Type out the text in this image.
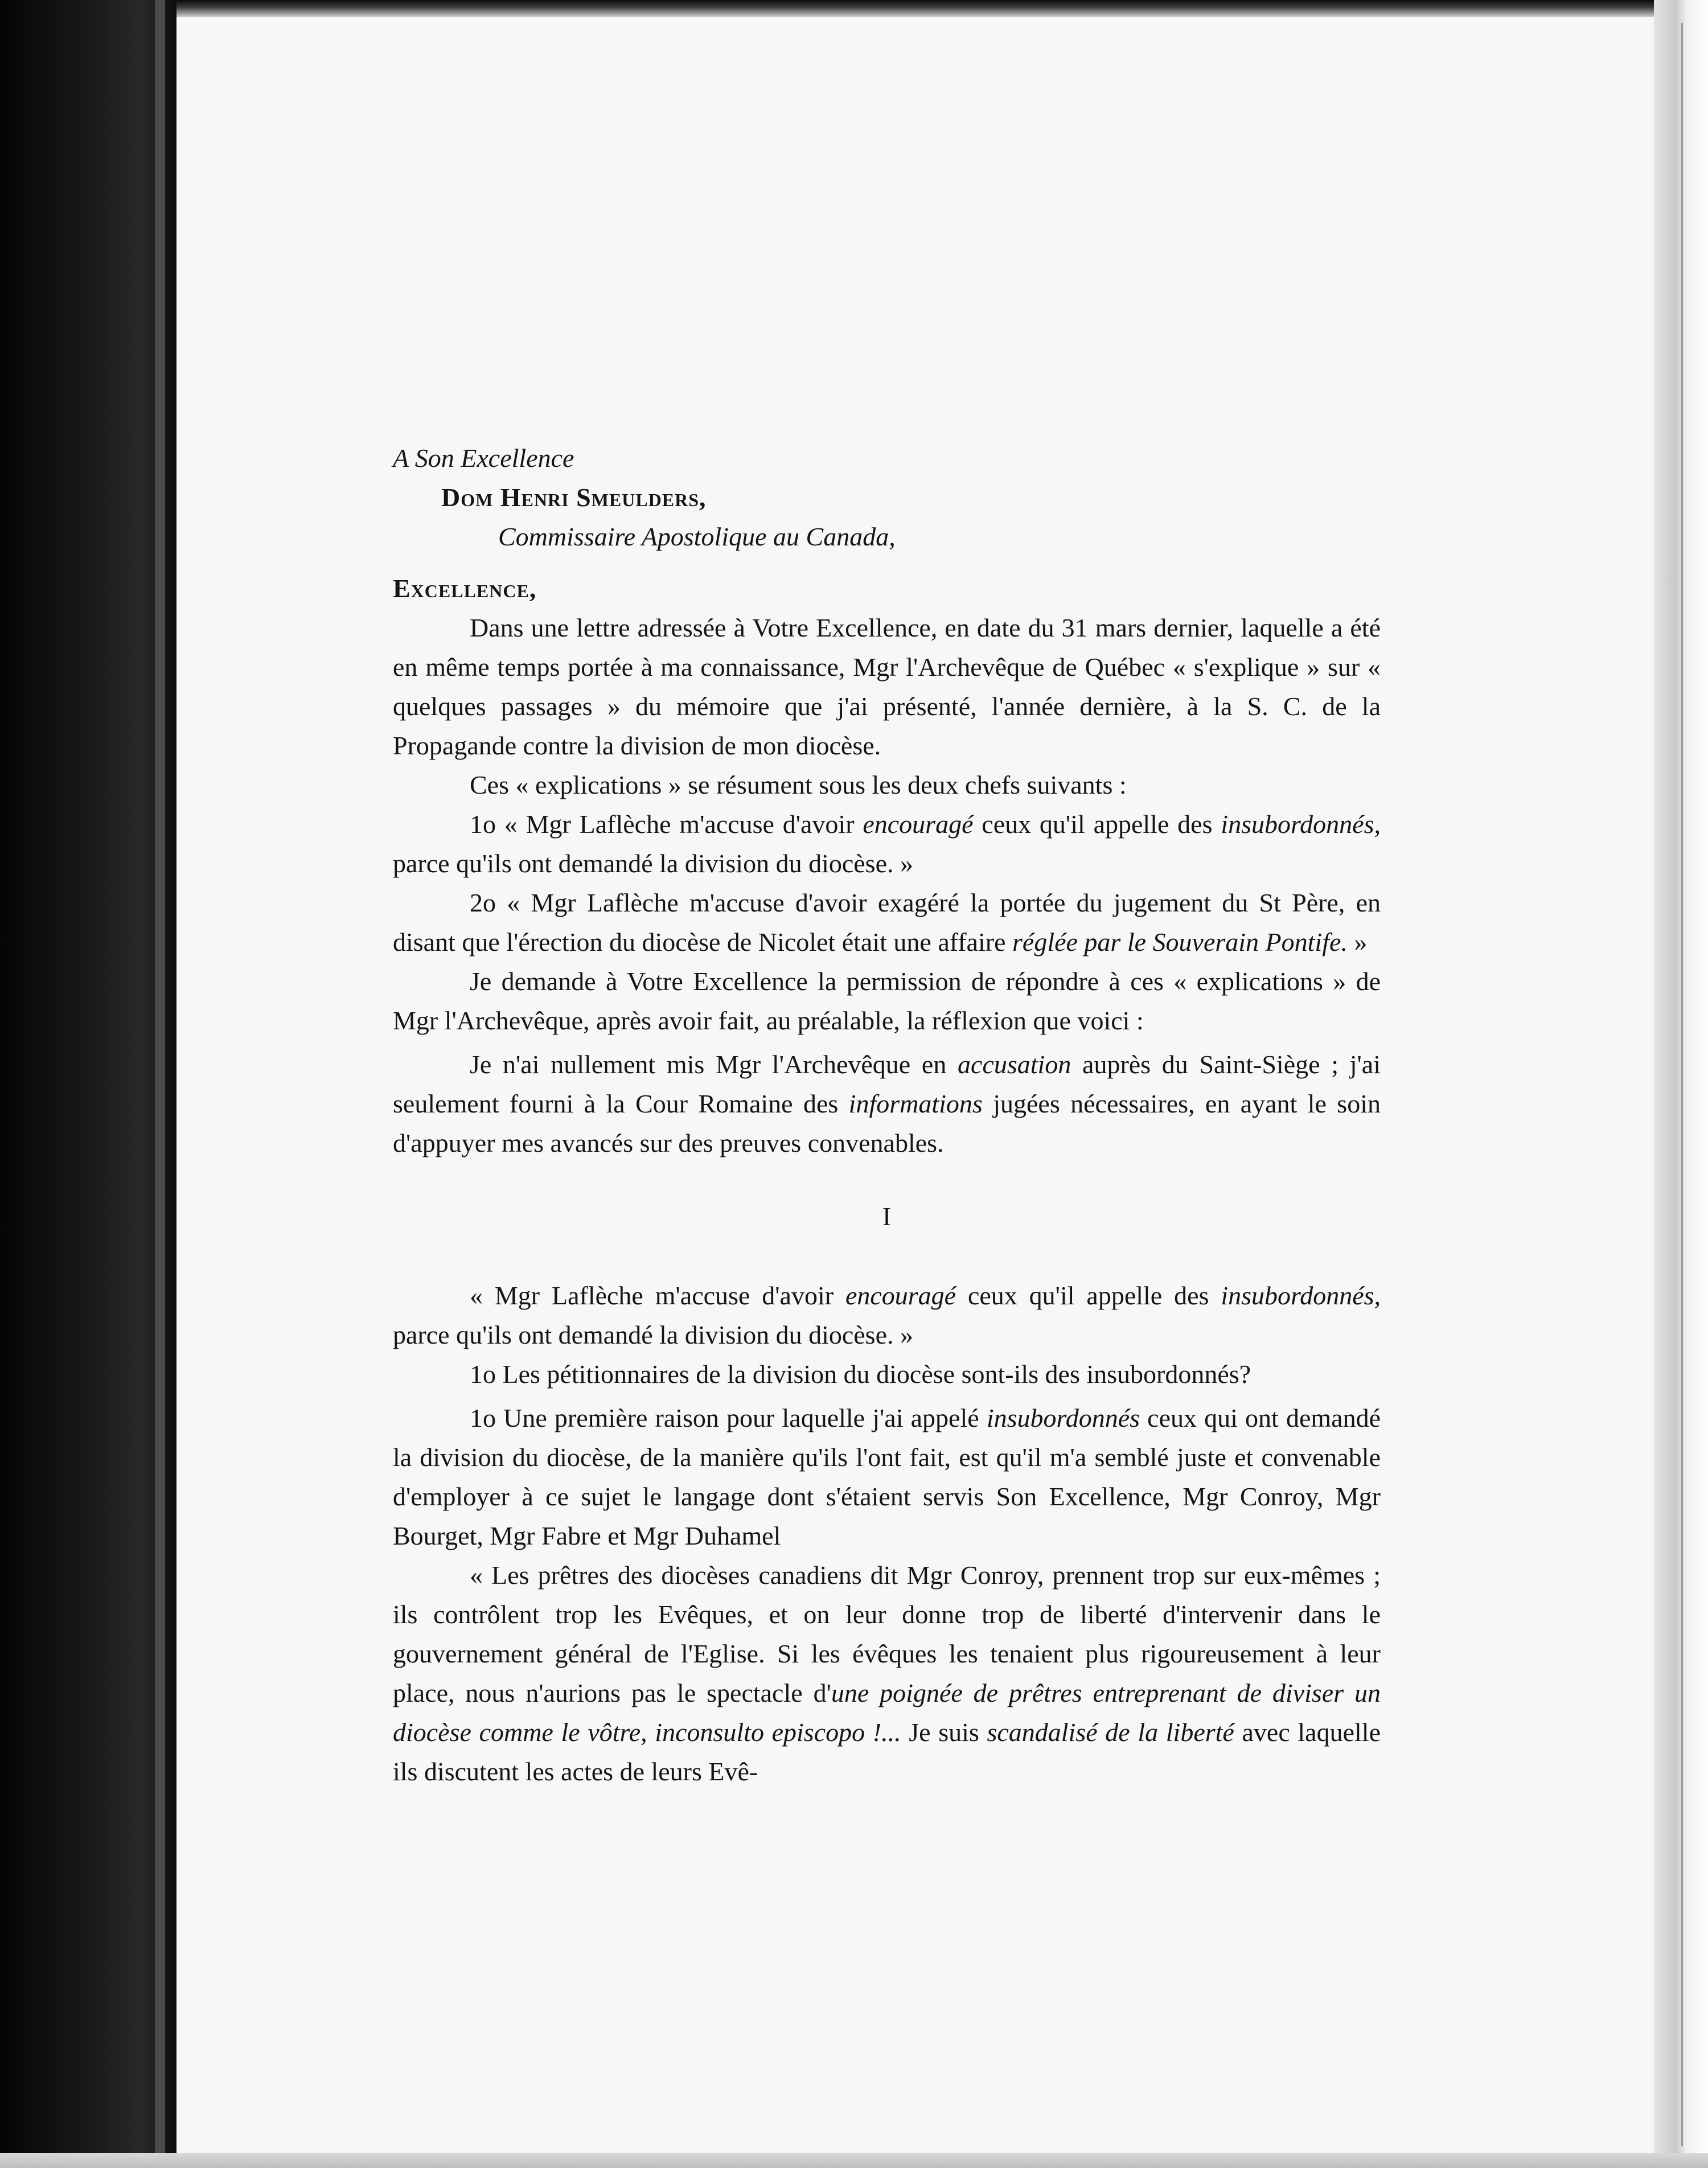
A Son Excellence

Dom Henri Smeulders,

Commissaire Apostolique au Canada,

Excellence,

Dans une lettre adressée à Votre Excellence, en date du 31 mars dernier, laquelle a été en même temps portée à ma connaissance, Mgr l'Archevêque de Québec « s'explique » sur « quelques passages » du mémoire que j'ai présenté, l'année dernière, à la S. C. de la Propagande contre la division de mon diocèse.

Ces « explications » se résument sous les deux chefs suivants :

1o « Mgr Laflèche m'accuse d'avoir encouragé ceux qu'il appelle des insubordonnés, parce qu'ils ont demandé la division du diocèse. »

2o « Mgr Laflèche m'accuse d'avoir exagéré la portée du jugement du St Père, en disant que l'érection du diocèse de Nicolet était une affaire réglée par le Souverain Pontife. »

Je demande à Votre Excellence la permission de répondre à ces « explications » de Mgr l'Archevêque, après avoir fait, au préalable, la réflexion que voici :

Je n'ai nullement mis Mgr l'Archevêque en accusation auprès du Saint-Siège ; j'ai seulement fourni à la Cour Romaine des informations jugées nécessaires, en ayant le soin d'appuyer mes avancés sur des preuves convenables.

I

« Mgr Laflèche m'accuse d'avoir encouragé ceux qu'il appelle des insubordonnés, parce qu'ils ont demandé la division du diocèse. »

1o Les pétitionnaires de la division du diocèse sont-ils des insubordonnés?

1o Une première raison pour laquelle j'ai appelé insubordonnés ceux qui ont demandé la division du diocèse, de la manière qu'ils l'ont fait, est qu'il m'a semblé juste et convenable d'employer à ce sujet le langage dont s'étaient servis Son Excellence, Mgr Conroy, Mgr Bourget, Mgr Fabre et Mgr Duhamel

« Les prêtres des diocèses canadiens dit Mgr Conroy, prennent trop sur eux-mêmes ; ils contrôlent trop les Evêques, et on leur donne trop de liberté d'intervenir dans le gouvernement général de l'Eglise. Si les évêques les tenaient plus rigoureusement à leur place, nous n'aurions pas le spectacle d'une poignée de prêtres entreprenant de diviser un diocèse comme le vôtre, inconsulto episcopo !... Je suis scandalisé de la liberté avec laquelle ils discutent les actes de leurs Evê-
